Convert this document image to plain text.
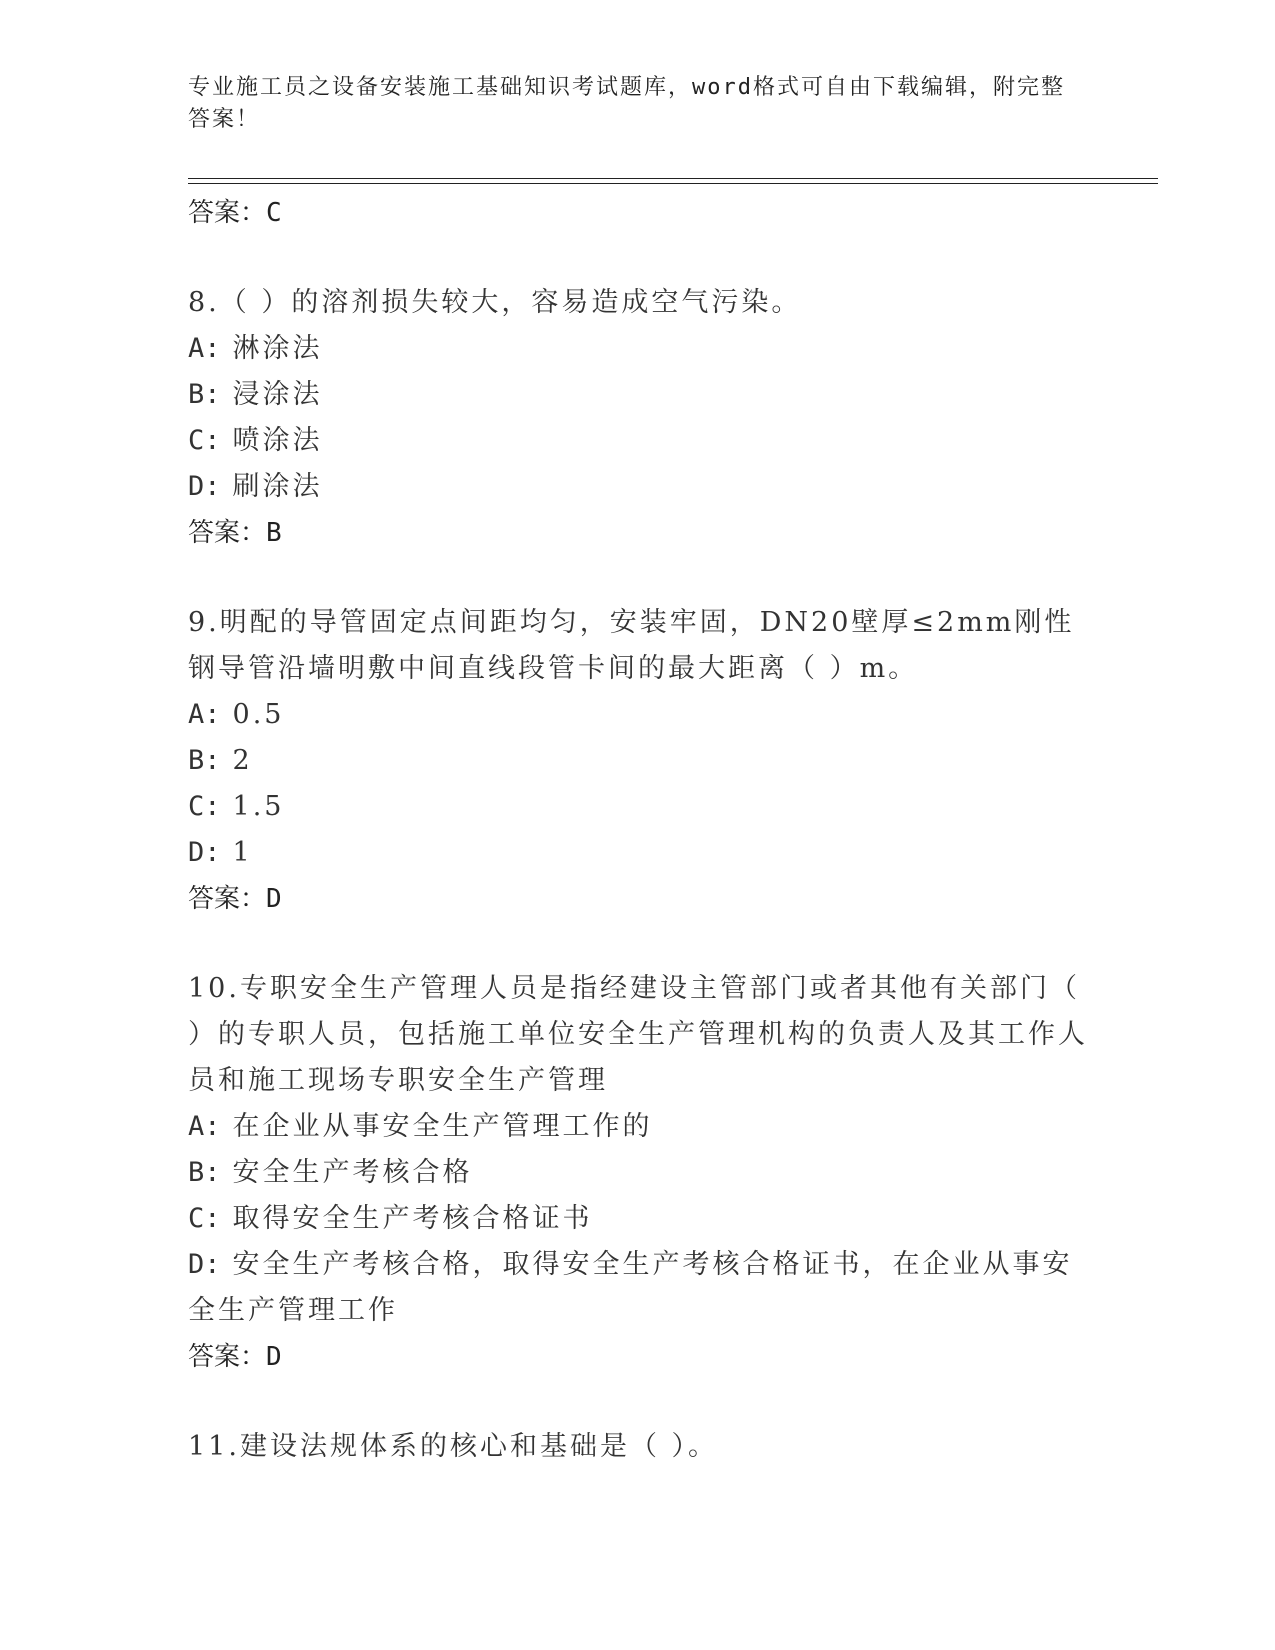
专业施工员之设备安装施工基础知识考试题库，word格式可自由下载编辑，附完整答案！
答案：C
8.（ ）的溶剂损失较大，容易造成空气污染。
A: 淋涂法
B: 浸涂法
C: 喷涂法
D: 刷涂法
答案：B
9.明配的导管固定点间距均匀，安装牢固，DN20壁厚≤2mm刚性钢导管沿墙明敷中间直线段管卡间的最大距离（ ）m。
A: 0.5
B: 2
C: 1.5
D: 1
答案：D
10.专职安全生产管理人员是指经建设主管部门或者其他有关部门（ ）的专职人员，包括施工单位安全生产管理机构的负责人及其工作人员和施工现场专职安全生产管理
A: 在企业从事安全生产管理工作的
B: 安全生产考核合格
C: 取得安全生产考核合格证书
D: 安全生产考核合格，取得安全生产考核合格证书，在企业从事安全生产管理工作
答案：D
11.建设法规体系的核心和基础是（ ）。
